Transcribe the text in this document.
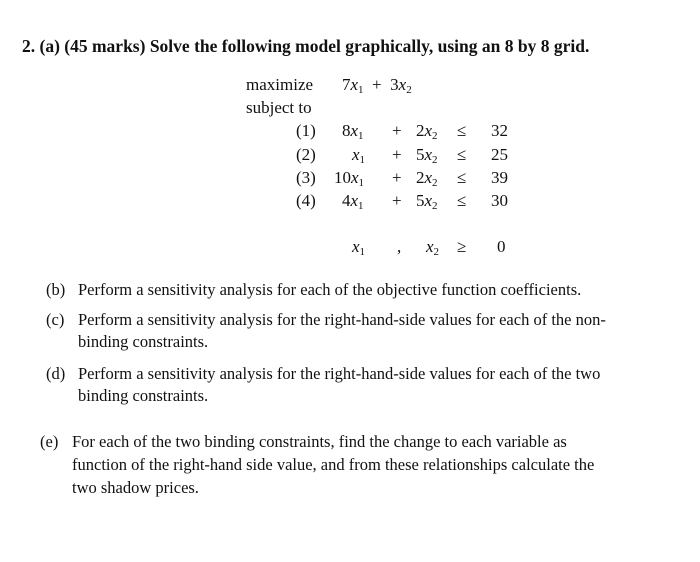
2. (a) (45 marks) Solve the following model graphically, using an 8 by 8 grid.
maximize
subject to
$7x_1 + 3x_2$
(1) $8x_1 + 2x_2$ ≤	32
(2) $x_1 + 5x_2$ ≤	25
(3) $10x_1 + 2x_2$ ≤	39
(4) $4x_1 + 5x_2$ ≤	30
$x_1$ , $x_2 \ge 0$
(b) Perform a sensitivity analysis for each of the objective function coefficients.
(c) Perform a sensitivity analysis for the right-hand-side values for each of the non-
binding constraints.
(d) Perform a sensitivity analysis for the right-hand-side values for each of the two
binding constraints.
(e) For each of the two binding constraints, find the change to each variable as
function of the right-hand side value, and from these relationships calculate the
two shadow prices.
